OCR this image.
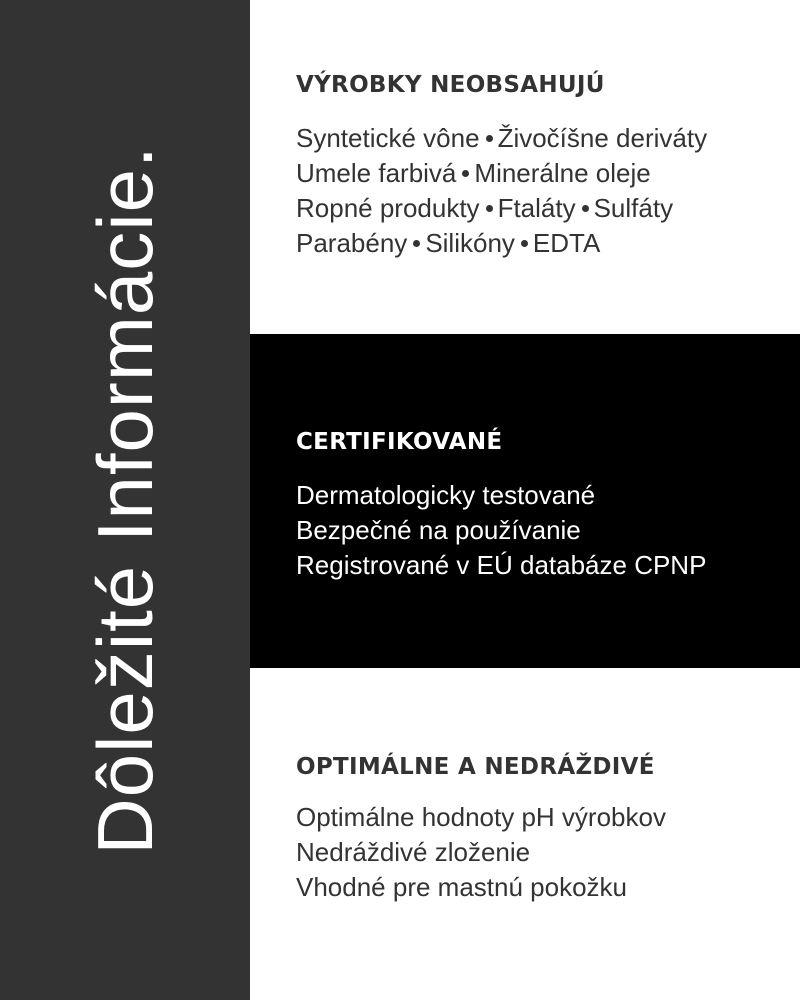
Dôležité Informácie.
VÝROBKY NEOBSAHUJÚ
Syntetické vône Živočíšne deriváty
Umele farbivá Minerálne oleje
Ropné produkty Ftaláty Sulfáty
Parabény Silikóny EDTA
CERTIFIKOVANÉ
Dermatologicky testované
Bezpečné na používanie
Registrované v EÚ databáze CPNP
OPTIMÁLNE A NEDRÁŽDIVÉ
Optimálne hodnoty pH výrobkov
Nedráždivé zloženie
Vhodné pre mastnú pokožku
